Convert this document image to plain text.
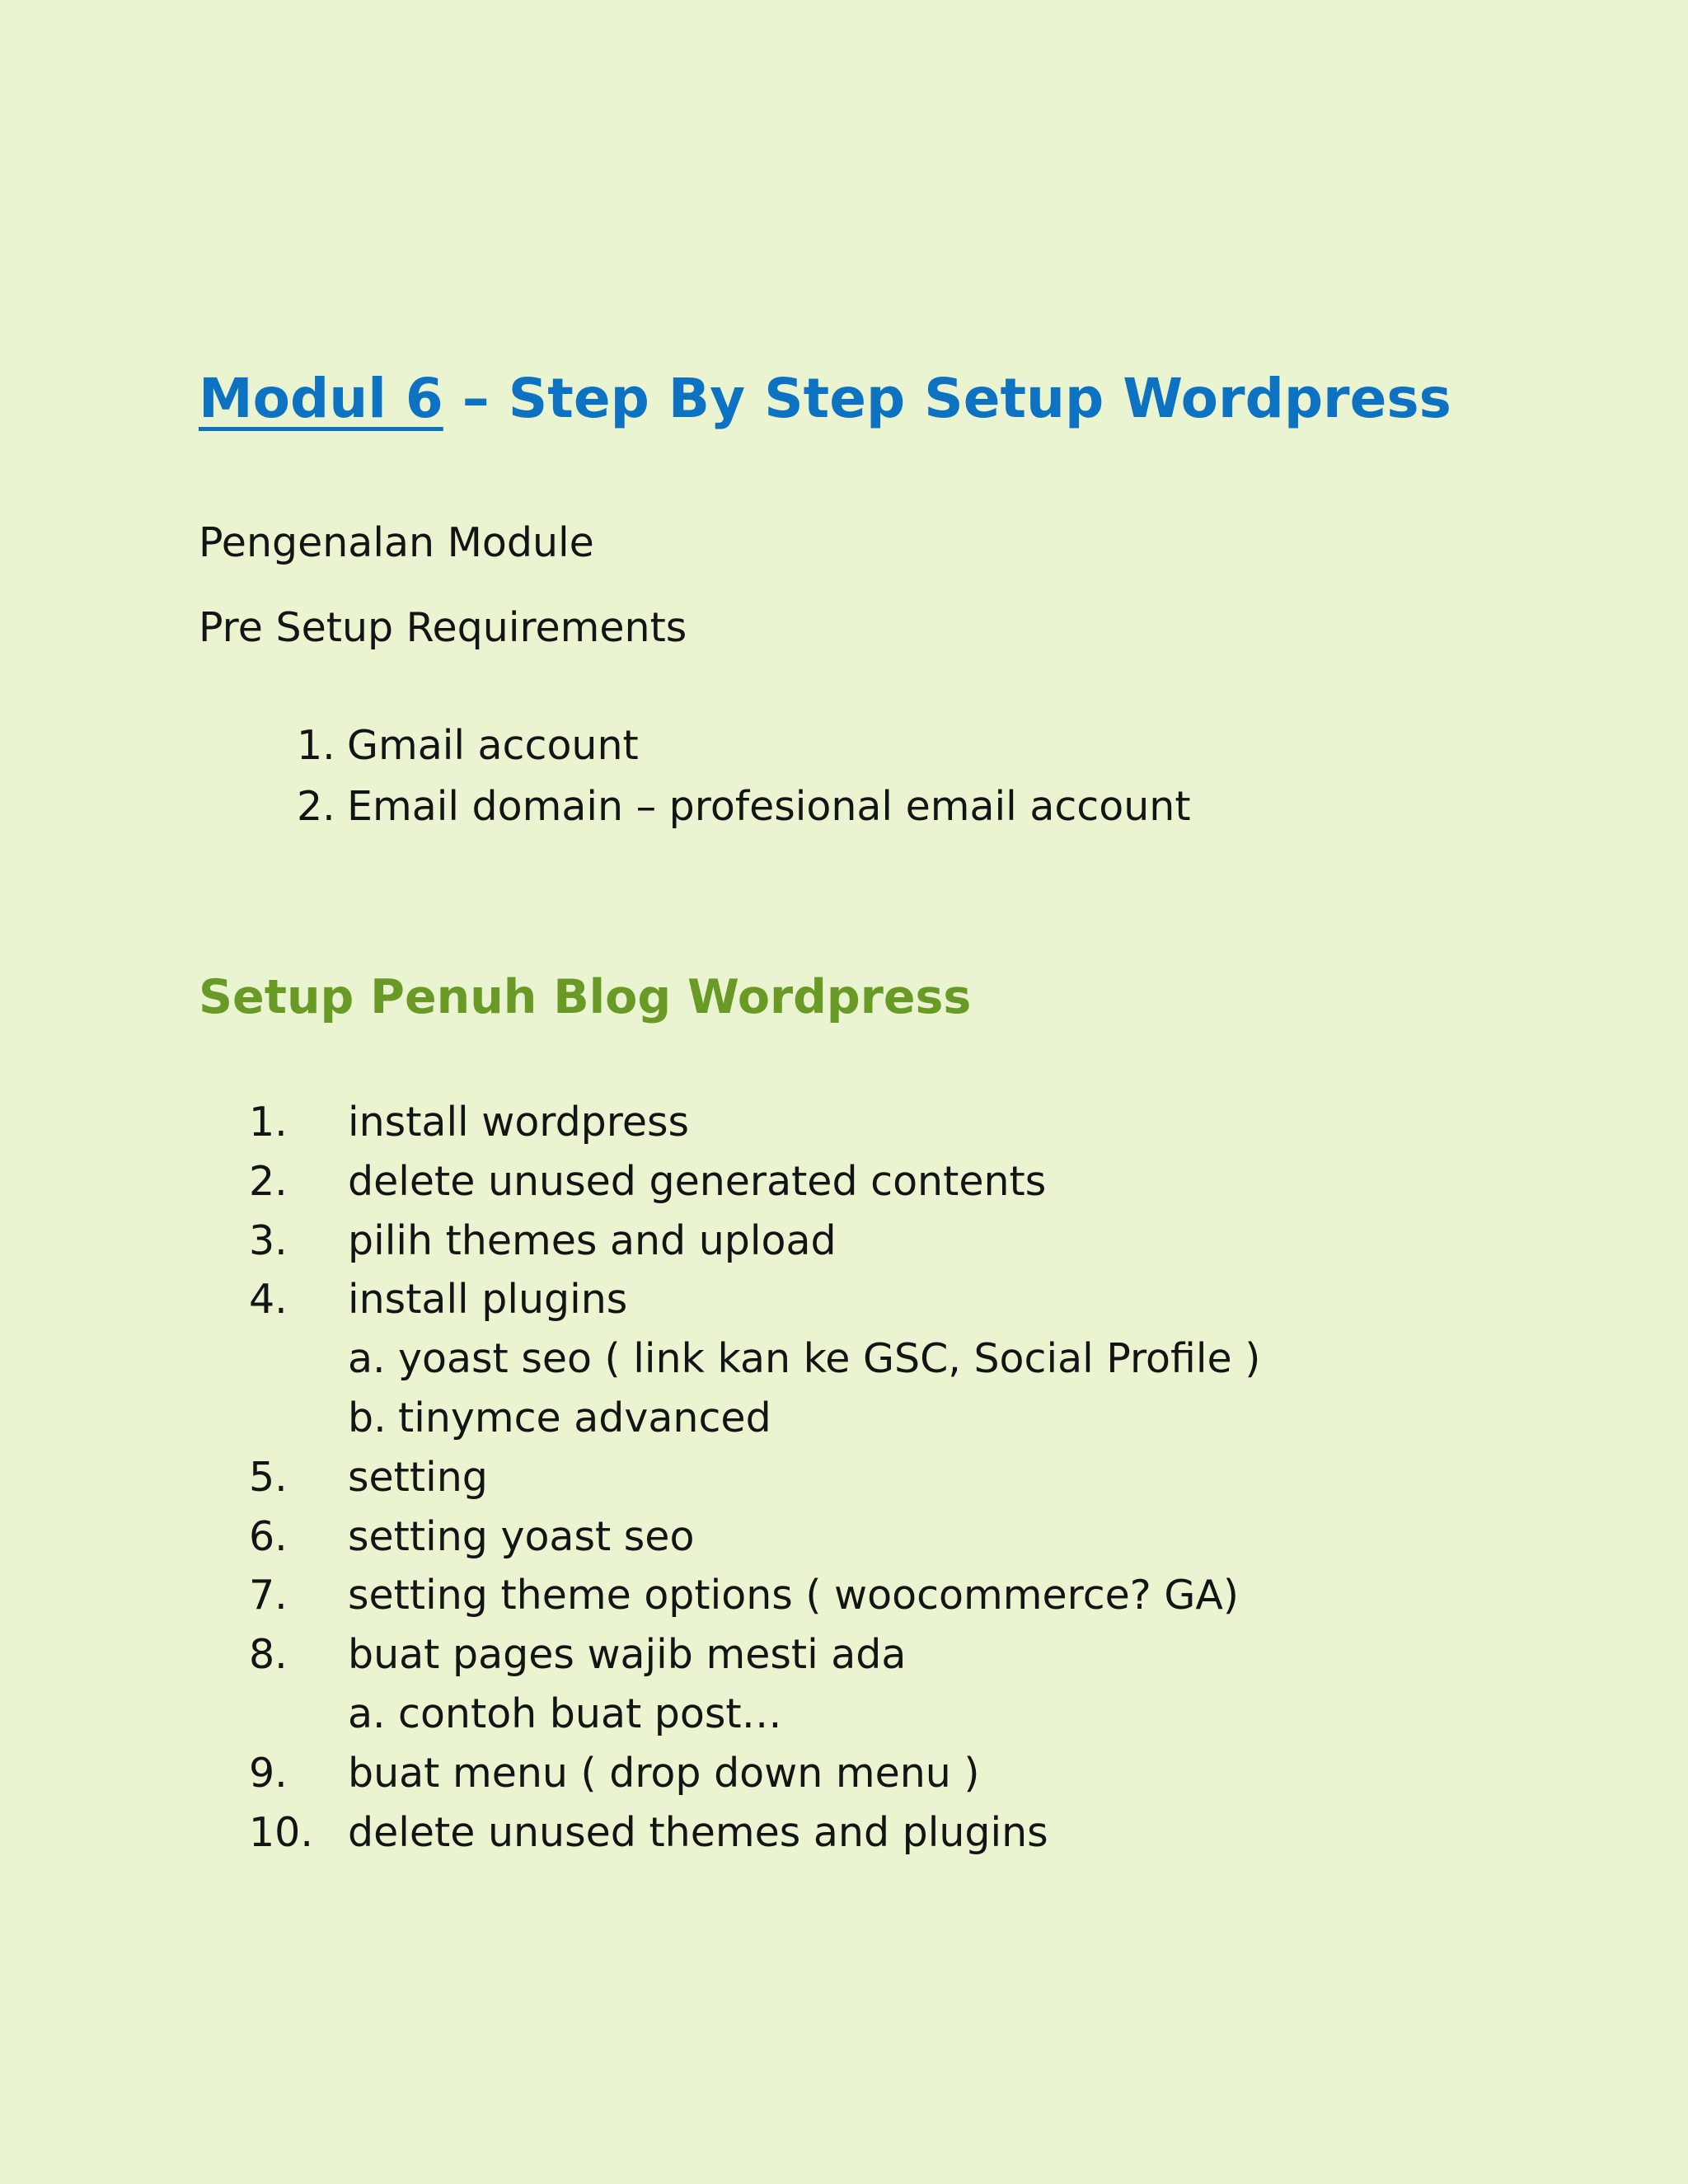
Modul 6 – Step By Step Setup Wordpress

Pengenalan Module

Pre Setup Requirements

1. Gmail account
2. Email domain – profesional email account
Setup Penuh Blog Wordpress
1. install wordpress
2. delete unused generated contents
3. pilih themes and upload
4. install plugins
a. yoast seo ( link kan ke GSC, Social Profile )
b. tinymce advanced
5. setting
6. setting yoast seo
7. setting theme options ( woocommerce? GA)
8. buat pages wajib mesti ada
a. contoh buat post…
9. buat menu ( drop down menu )
10. delete unused themes and plugins
